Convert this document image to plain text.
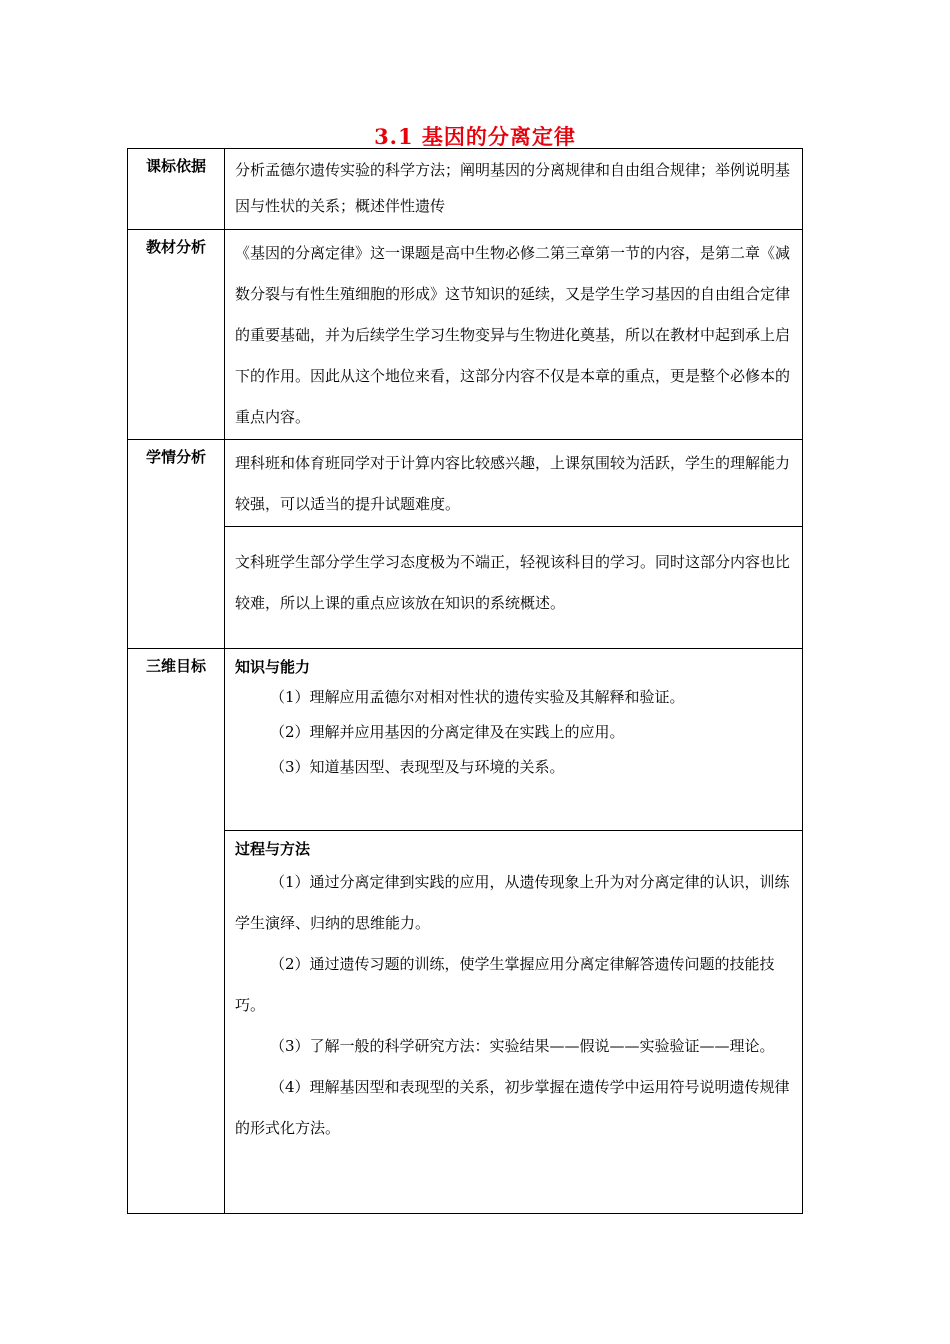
3.1 基因的分离定律
课标依据	分析孟德尔遗传实验的科学方法；阐明基因的分离规律和自由组合规律；举例说明基因与性状的关系；概述伴性遗传

教材分析	《基因的分离定律》这一课题是高中生物必修二第三章第一节的内容，是第二章《减数分裂与有性生殖细胞的形成》这节知识的延续，又是学生学习基因的自由组合定律的重要基础，并为后续学生学习生物变异与生物进化奠基，所以在教材中起到承上启下的作用。因此从这个地位来看，这部分内容不仅是本章的重点，更是整个必修本的重点内容。

学情分析	理科班和体育班同学对于计算内容比较感兴趣，上课氛围较为活跃，学生的理解能力较强，可以适当的提升试题难度。

	文科班学生部分学生学习态度极为不端正，轻视该科目的学习。同时这部分内容也比较难，所以上课的重点应该放在知识的系统概述。

三维目标	知识与能力
（1）理解应用孟德尔对相对性状的遗传实验及其解释和验证。
（2）理解并应用基因的分离定律及在实践上的应用。
（3）知道基因型、表现型及与环境的关系。

	过程与方法
（1）通过分离定律到实践的应用，从遗传现象上升为对分离定律的认识，训练学生演绎、归纳的思维能力。
（2）通过遗传习题的训练，使学生掌握应用分离定律解答遗传问题的技能技巧。
（3）了解一般的科学研究方法：实验结果——假说——实验验证——理论。
（4）理解基因型和表现型的关系，初步掌握在遗传学中运用符号说明遗传规律的形式化方法。
